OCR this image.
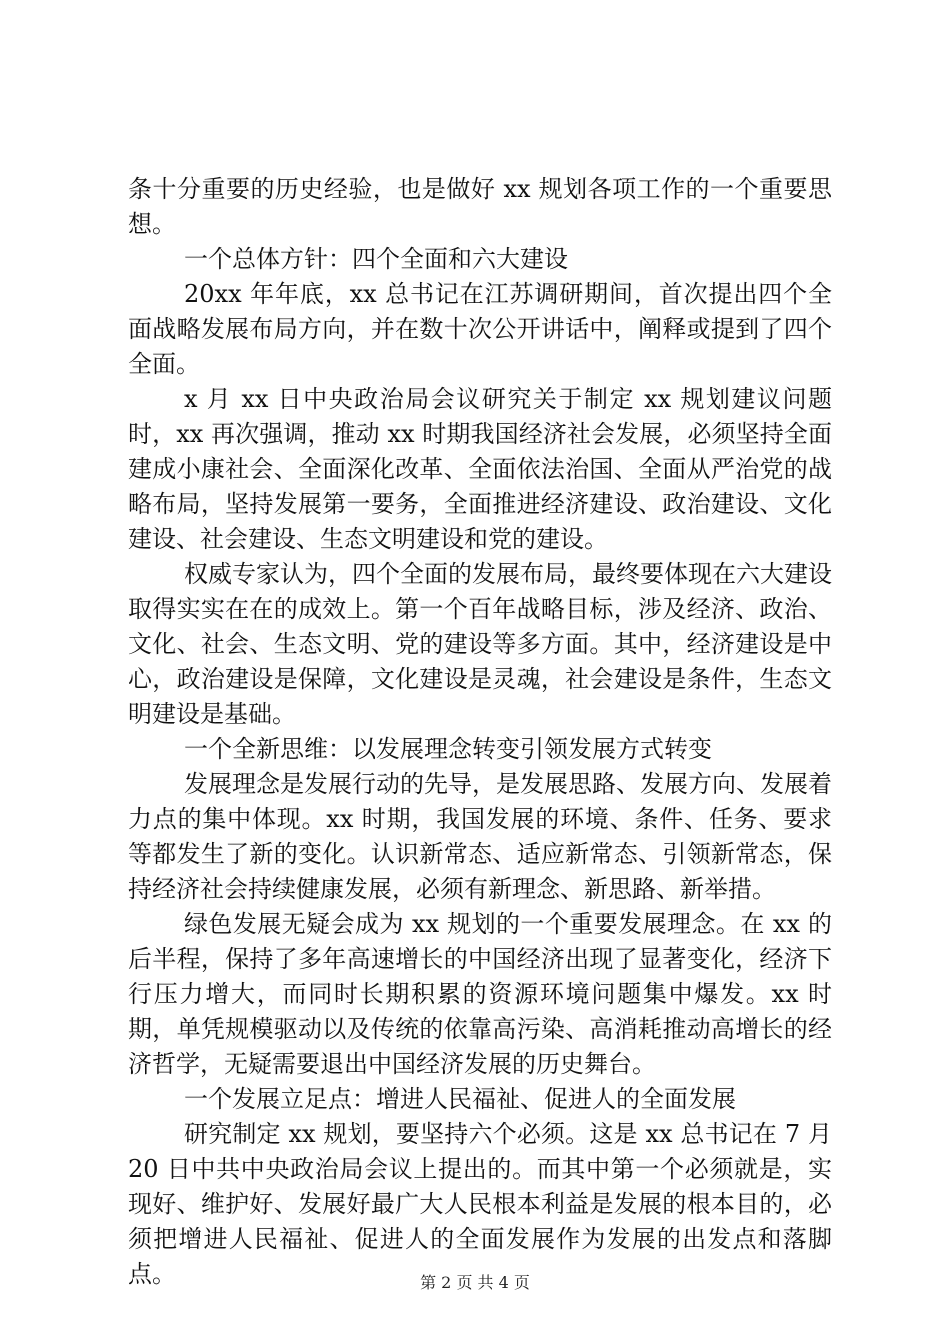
条十分重要的历史经验，也是做好 xx 规划各项工作的一个重要思想。

一个总体方针：四个全面和六大建设

20xx 年年底，xx 总书记在江苏调研期间，首次提出四个全面战略发展布局方向，并在数十次公开讲话中，阐释或提到了四个全面。

x 月 xx 日中央政治局会议研究关于制定 xx 规划建议问题时，xx 再次强调，推动 xx 时期我国经济社会发展，必须坚持全面建成小康社会、全面深化改革、全面依法治国、全面从严治党的战略布局，坚持发展第一要务，全面推进经济建设、政治建设、文化建设、社会建设、生态文明建设和党的建设。

权威专家认为，四个全面的发展布局，最终要体现在六大建设取得实实在在的成效上。第一个百年战略目标，涉及经济、政治、文化、社会、生态文明、党的建设等多方面。其中，经济建设是中心，政治建设是保障，文化建设是灵魂，社会建设是条件，生态文明建设是基础。

一个全新思维：以发展理念转变引领发展方式转变

发展理念是发展行动的先导，是发展思路、发展方向、发展着力点的集中体现。xx 时期，我国发展的环境、条件、任务、要求等都发生了新的变化。认识新常态、适应新常态、引领新常态，保持经济社会持续健康发展，必须有新理念、新思路、新举措。

绿色发展无疑会成为 xx 规划的一个重要发展理念。在 xx 的后半程，保持了多年高速增长的中国经济出现了显著变化，经济下行压力增大，而同时长期积累的资源环境问题集中爆发。xx 时期，单凭规模驱动以及传统的依靠高污染、高消耗推动高增长的经济哲学，无疑需要退出中国经济发展的历史舞台。

一个发展立足点：增进人民福祉、促进人的全面发展

研究制定 xx 规划，要坚持六个必须。这是 xx 总书记在 7 月 20 日中共中央政治局会议上提出的。而其中第一个必须就是，实现好、维护好、发展好最广大人民根本利益是发展的根本目的，必须把增进人民福祉、促进人的全面发展作为发展的出发点和落脚点。	第 2 页 共 4 页
